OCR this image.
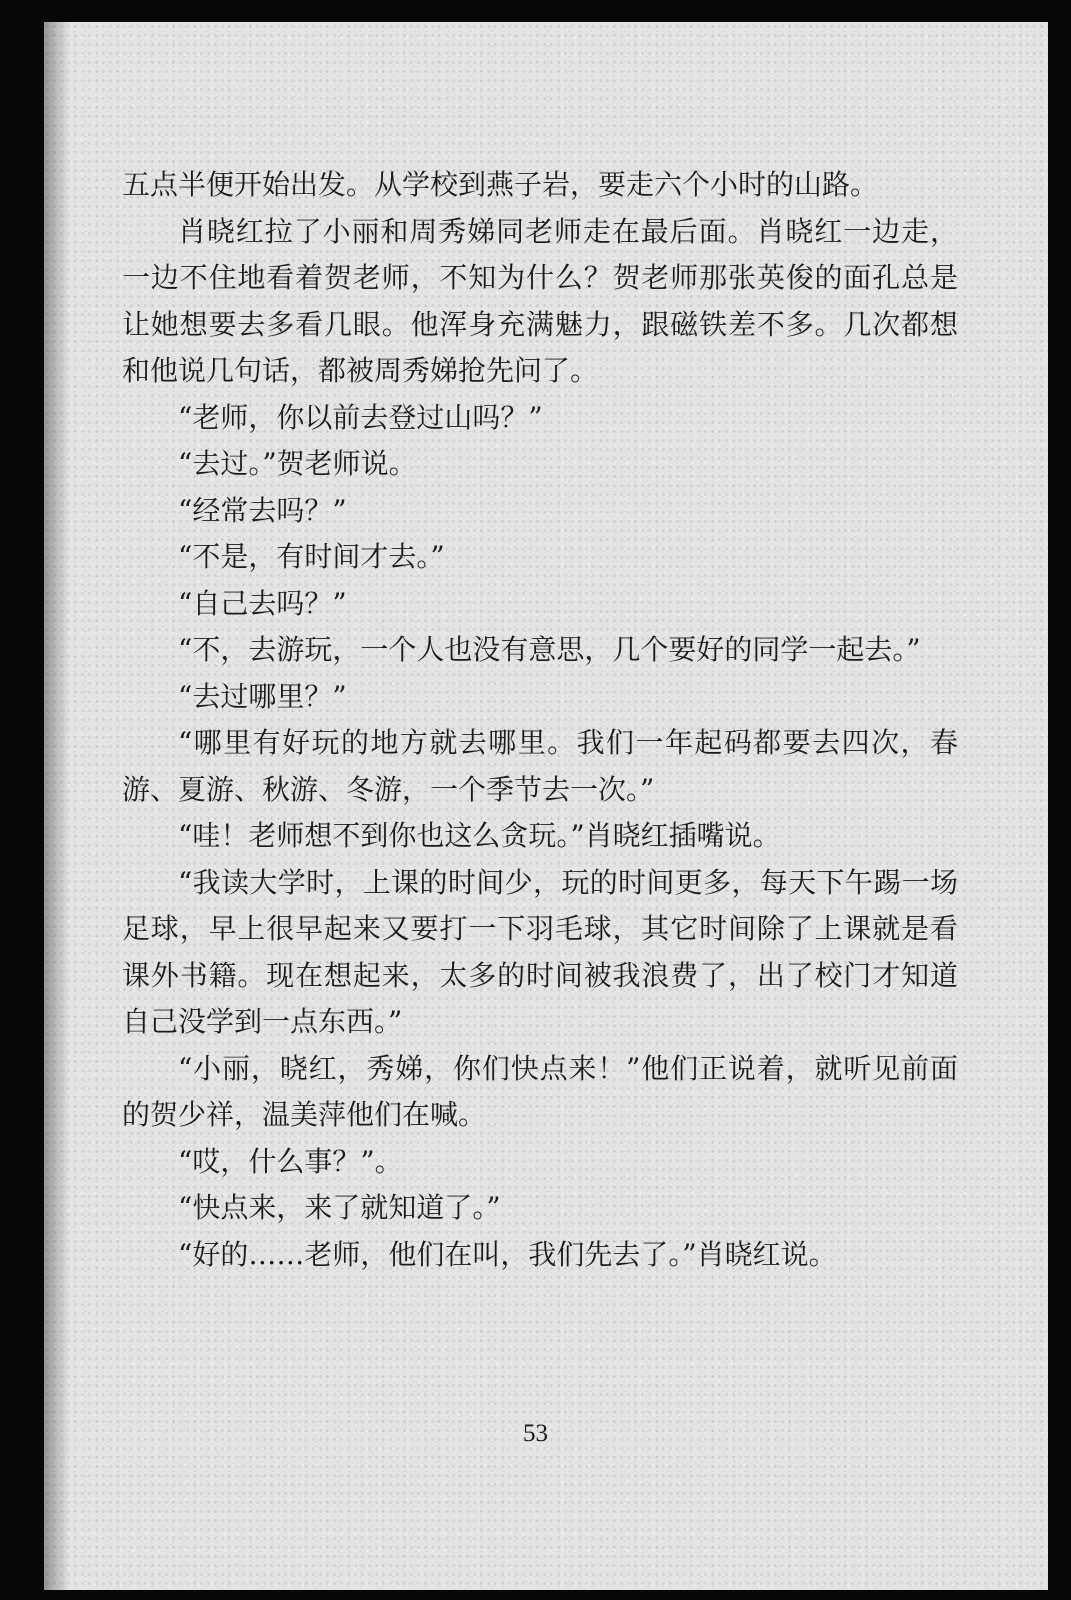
五点半便开始出发。从学校到燕子岩，要走六个小时的山路。

肖晓红拉了小丽和周秀娣同老师走在最后面。肖晓红一边走，一边不住地看着贺老师，不知为什么？贺老师那张英俊的面孔总是让她想要去多看几眼。他浑身充满魅力，跟磁铁差不多。几次都想和他说几句话，都被周秀娣抢先问了。

“老师，你以前去登过山吗？”

“去过。”贺老师说。

“经常去吗？”

“不是，有时间才去。”

“自己去吗？”

“不，去游玩，一个人也没有意思，几个要好的同学一起去。”

“去过哪里？”

“哪里有好玩的地方就去哪里。我们一年起码都要去四次，春游、夏游、秋游、冬游，一个季节去一次。”

“哇！老师想不到你也这么贪玩。”肖晓红插嘴说。

“我读大学时，上课的时间少，玩的时间更多，每天下午踢一场足球，早上很早起来又要打一下羽毛球，其它时间除了上课就是看课外书籍。现在想起来，太多的时间被我浪费了，出了校门才知道自己没学到一点东西。”

“小丽，晓红，秀娣，你们快点来！”他们正说着，就听见前面的贺少祥，温美萍他们在喊。

“哎，什么事？”。

“快点来，来了就知道了。”

“好的……老师，他们在叫，我们先去了。”肖晓红说。

53
